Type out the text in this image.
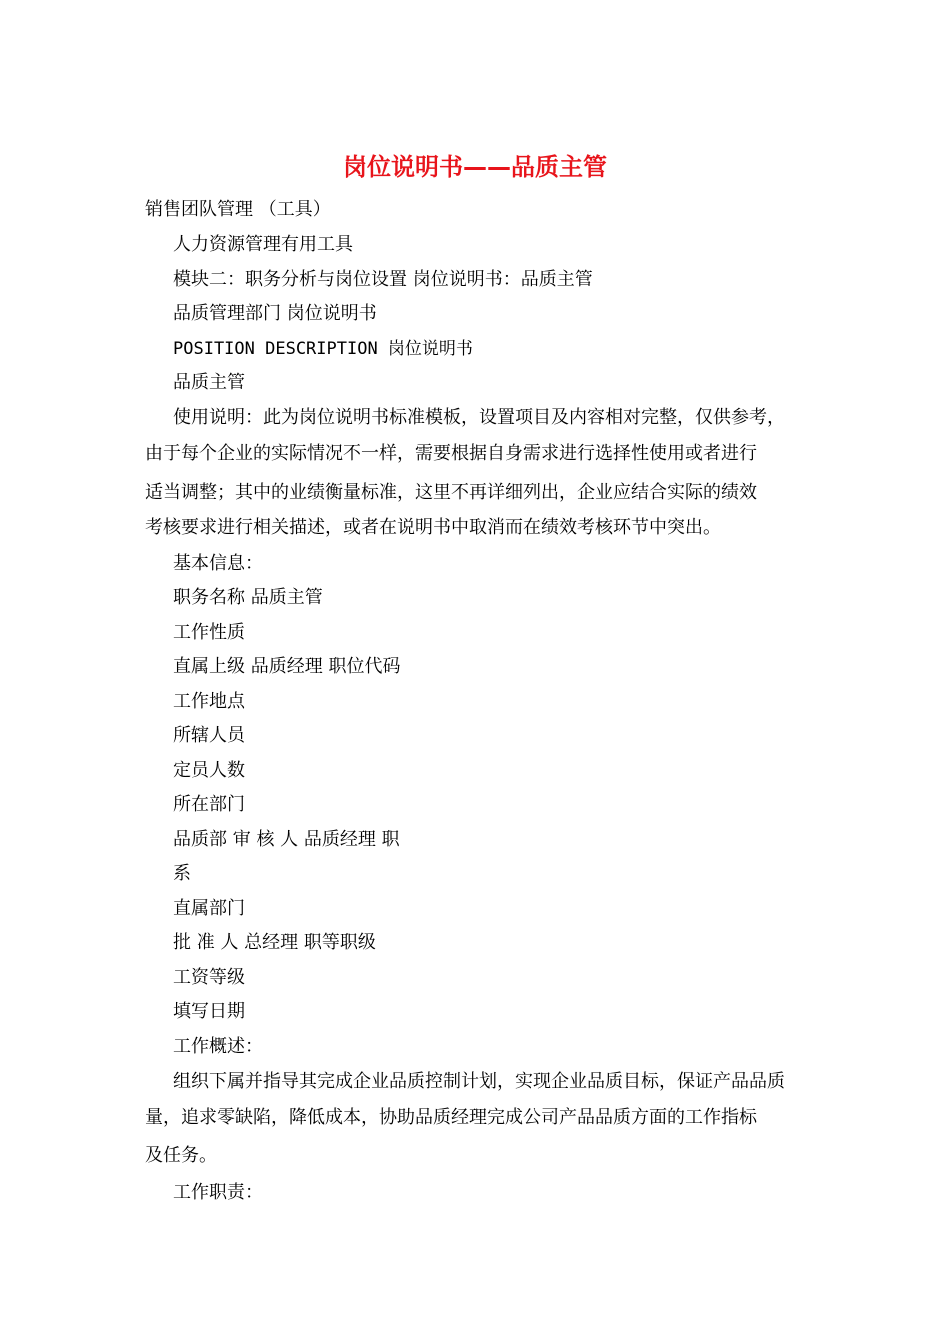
岗位说明书——品质主管
销售团队管理 （工具）
人力资源管理有用工具
模块二：职务分析与岗位设置 岗位说明书：品质主管
品质管理部门 岗位说明书
POSITION DESCRIPTION 岗位说明书
品质主管
使用说明：此为岗位说明书标准模板，设置项目及内容相对完整，仅供参考，
由于每个企业的实际情况不一样，需要根据自身需求进行选择性使用或者进行
适当调整；其中的业绩衡量标准，这里不再详细列出，企业应结合实际的绩效
考核要求进行相关描述，或者在说明书中取消而在绩效考核环节中突出。
基本信息：
职务名称 品质主管
工作性质
直属上级 品质经理 职位代码
工作地点
所辖人员
定员人数
所在部门
品质部 审 核 人 品质经理 职
系
直属部门
批 准 人 总经理 职等职级
工资等级
填写日期
工作概述：
组织下属并指导其完成企业品质控制计划，实现企业品质目标，保证产品品质
量，追求零缺陷，降低成本，协助品质经理完成公司产品品质方面的工作指标
及任务。
工作职责：
